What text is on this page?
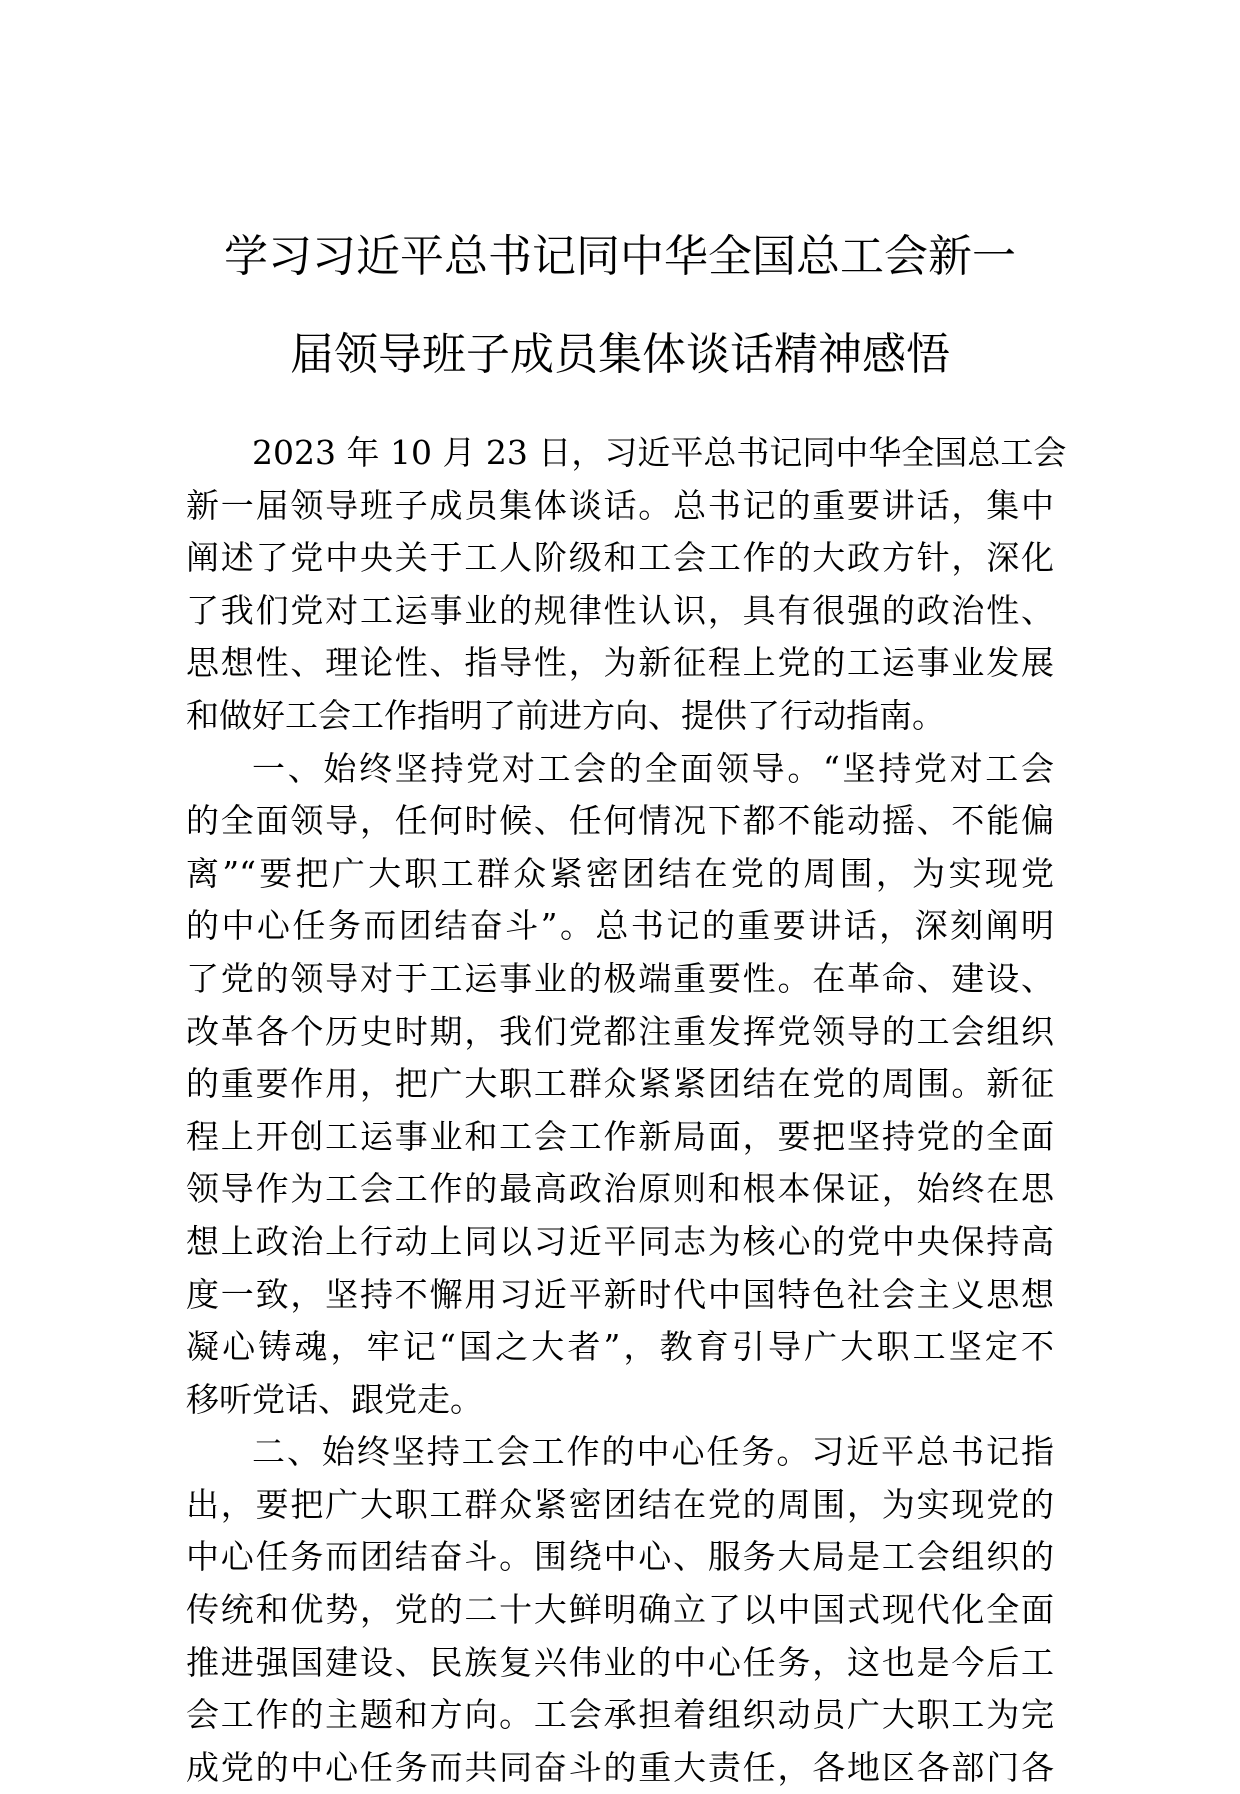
学习习近平总书记同中华全国总工会新一
届领导班子成员集体谈话精神感悟
2023 年 10 月 23 日，习近平总书记同中华全国总工会
新一届领导班子成员集体谈话。总书记的重要讲话，集中
阐述了党中央关于工人阶级和工会工作的大政方针，深化
了我们党对工运事业的规律性认识，具有很强的政治性、
思想性、理论性、指导性，为新征程上党的工运事业发展
和做好工会工作指明了前进方向、提供了行动指南。
一、始终坚持党对工会的全面领导。“坚持党对工会
的全面领导，任何时候、任何情况下都不能动摇、不能偏
离”“要把广大职工群众紧密团结在党的周围，为实现党
的中心任务而团结奋斗”。总书记的重要讲话，深刻阐明
了党的领导对于工运事业的极端重要性。在革命、建设、
改革各个历史时期，我们党都注重发挥党领导的工会组织
的重要作用，把广大职工群众紧紧团结在党的周围。新征
程上开创工运事业和工会工作新局面，要把坚持党的全面
领导作为工会工作的最高政治原则和根本保证，始终在思
想上政治上行动上同以习近平同志为核心的党中央保持高
度一致，坚持不懈用习近平新时代中国特色社会主义思想
凝心铸魂，牢记“国之大者”，教育引导广大职工坚定不
移听党话、跟党走。
二、始终坚持工会工作的中心任务。习近平总书记指
出，要把广大职工群众紧密团结在党的周围，为实现党的
中心任务而团结奋斗。围绕中心、服务大局是工会组织的
传统和优势，党的二十大鲜明确立了以中国式现代化全面
推进强国建设、民族复兴伟业的中心任务，这也是今后工
会工作的主题和方向。工会承担着组织动员广大职工为完
成党的中心任务而共同奋斗的重大责任，各地区各部门各
